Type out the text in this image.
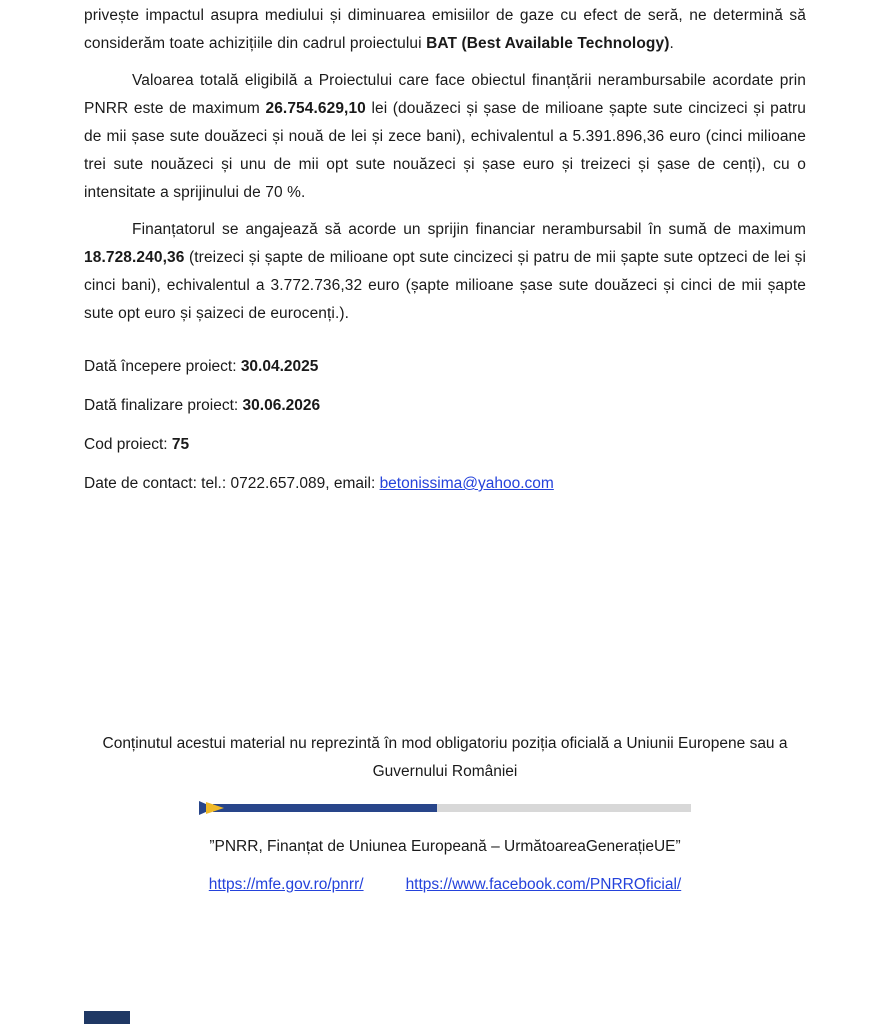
privește impactul asupra mediului și diminuarea emisiilor de gaze cu efect de seră, ne determină să considerăm toate achizițiile din cadrul proiectului BAT (Best Available Technology).

Valoarea totală eligibilă a Proiectului care face obiectul finanțării nerambursabile acordate prin PNRR este de maximum 26.754.629,10 lei (douăzeci și șase de milioane șapte sute cincizeci și patru de mii șase sute douăzeci și nouă de lei și zece bani), echivalentul a 5.391.896,36 euro (cinci milioane trei sute nouăzeci și unu de mii opt sute nouăzeci și șase euro și treizeci și șase de cenți), cu o intensitate a sprijinului de 70 %.

Finanțatorul se angajează să acorde un sprijin financiar nerambursabil în sumă de maximum 18.728.240,36 (treizeci și șapte de milioane opt sute cincizeci și patru de mii șapte sute optzeci de lei și cinci bani), echivalentul a 3.772.736,32 euro (șapte milioane șase sute douăzeci și cinci de mii șapte sute opt euro și șaizeci de eurocenți.).

Dată începere proiect: 30.04.2025

Dată finalizare proiect: 30.06.2026

Cod proiect: 75

Date de contact: tel.: 0722.657.089, email: betonissima@yahoo.com

Conținutul acestui material nu reprezintă în mod obligatoriu poziția oficială a Uniunii Europene sau a Guvernului României

”PNRR, Finanțat de Uniunea Europeană – UrmătoareaGenerațieUE”

https://mfe.gov.ro/pnrr/	https://www.facebook.com/PNRROficial/
